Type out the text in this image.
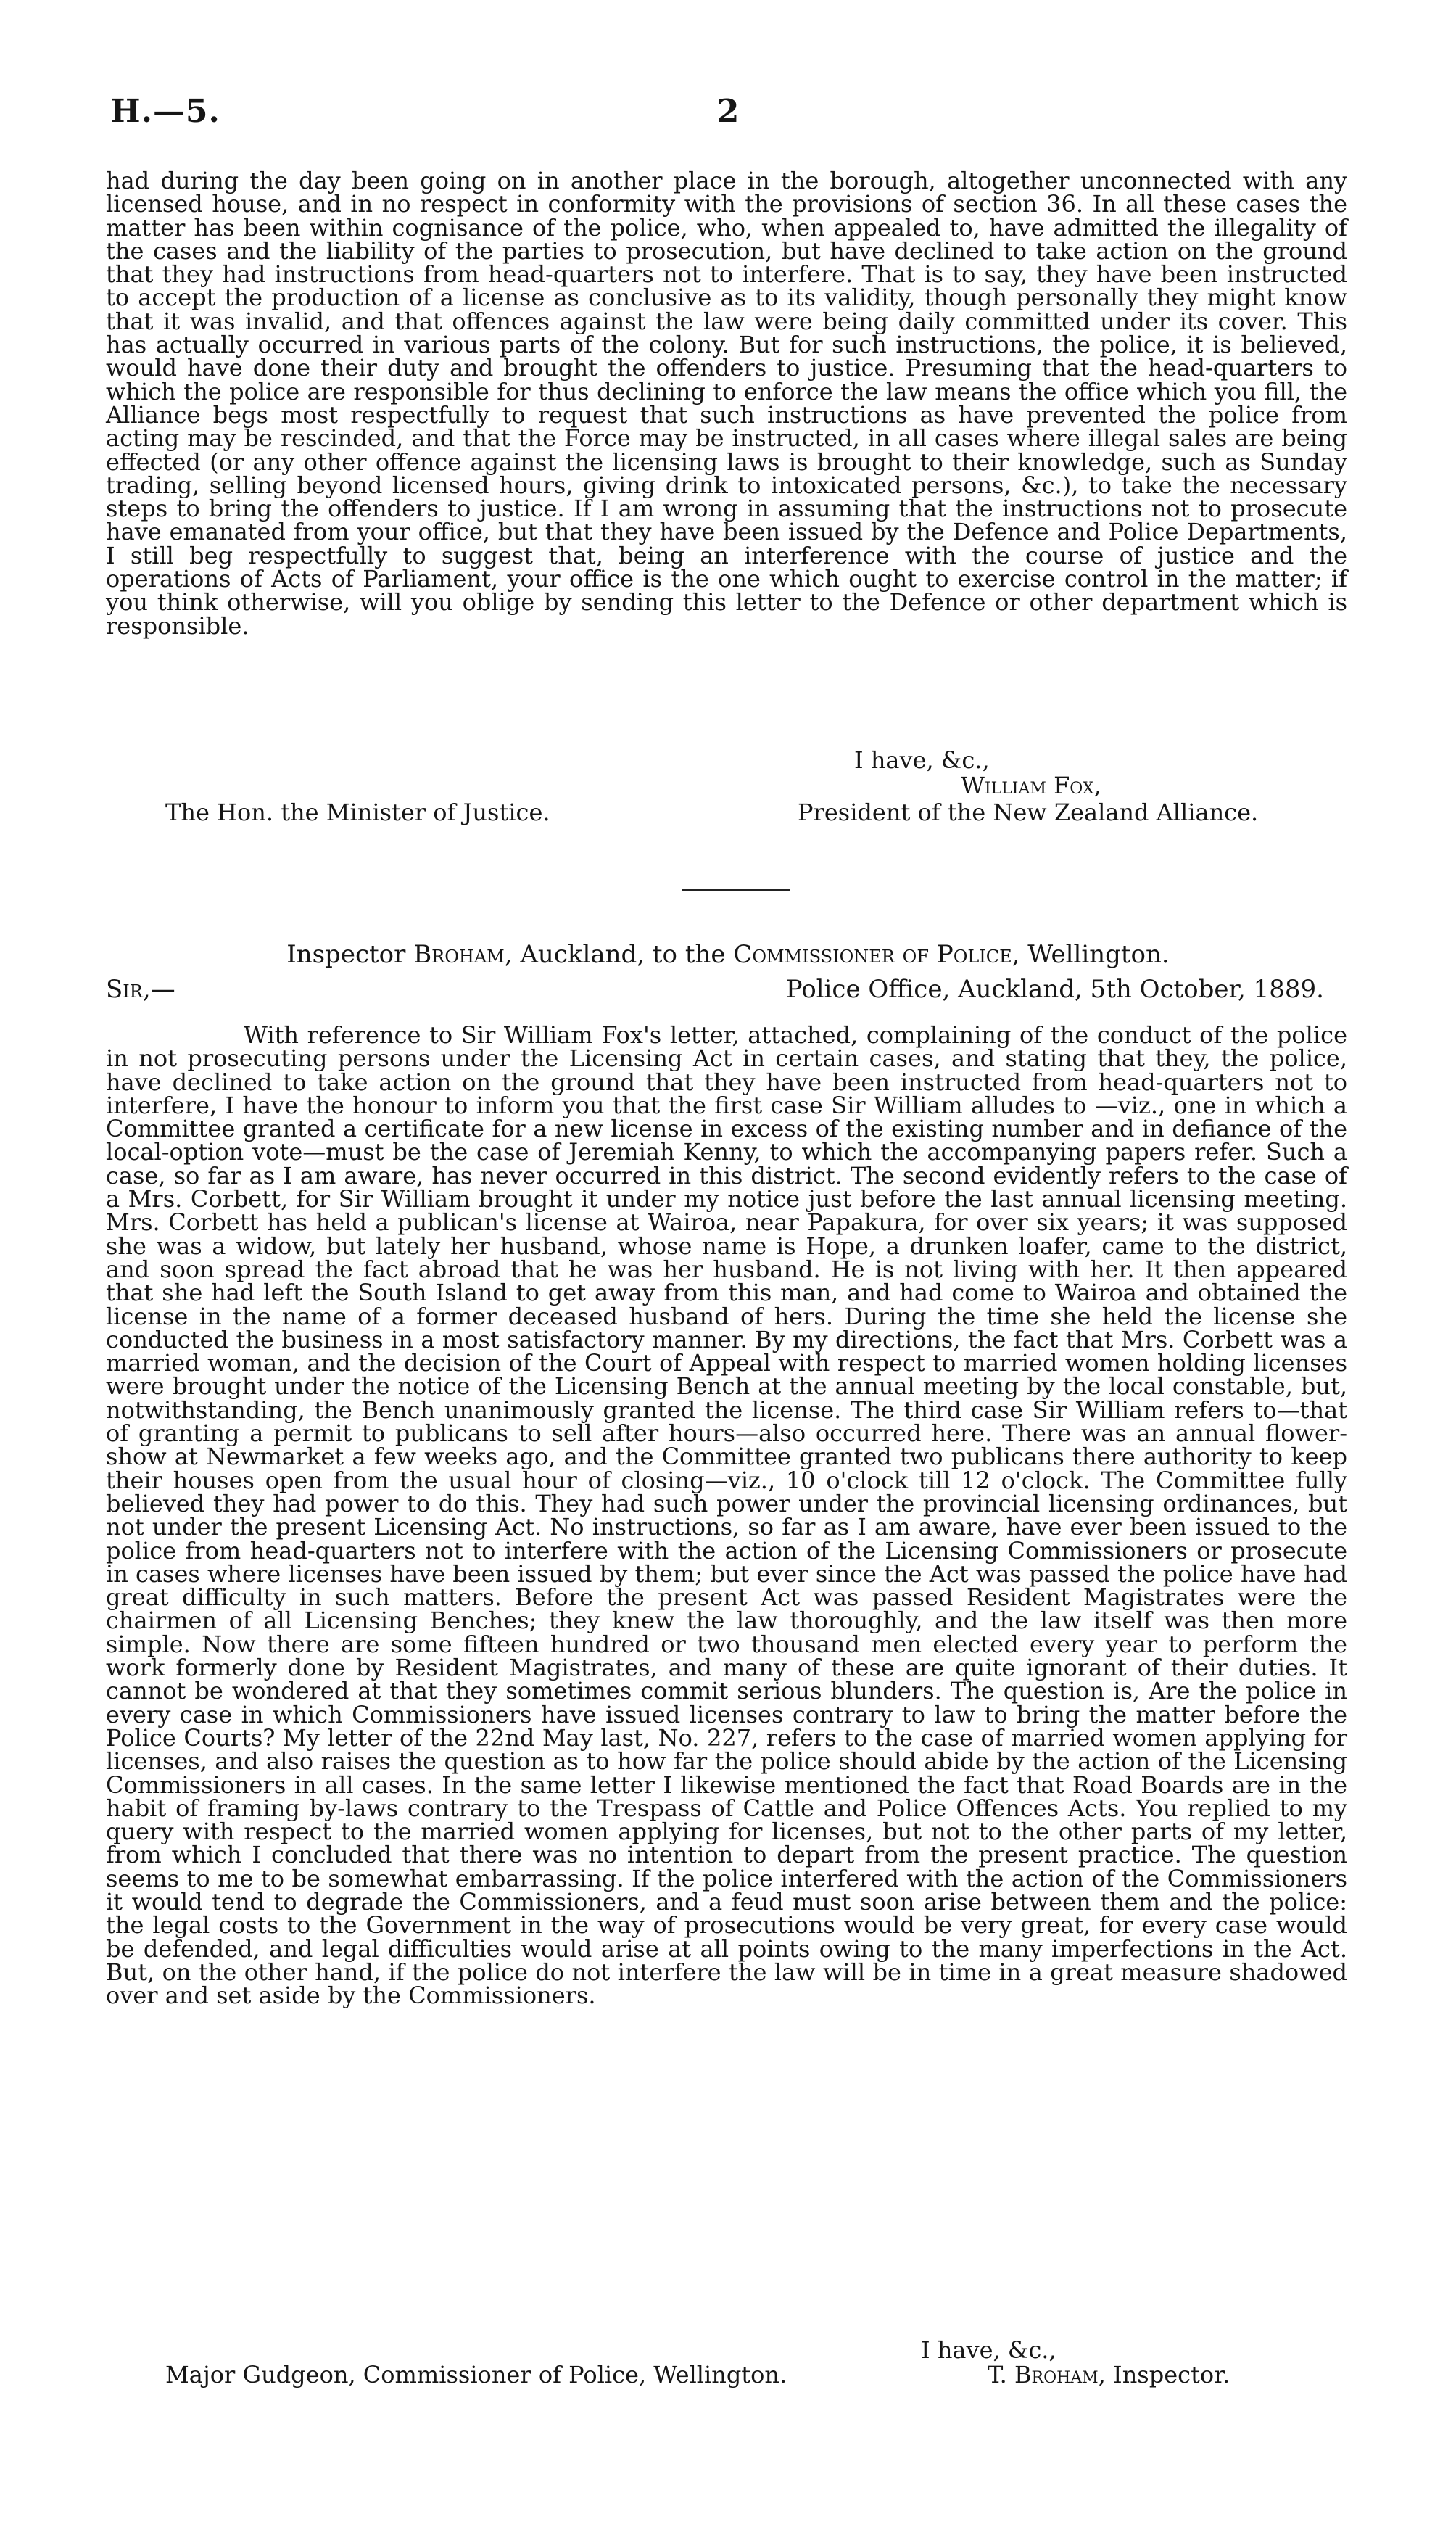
H.—5.	2

had during the day been going on in another place in the borough, altogether unconnected with any licensed house, and in no respect in conformity with the provisions of section 36. In all these cases the matter has been within cognisance of the police, who, when appealed to, have admitted the illegality of the cases and the liability of the parties to prosecution, but have declined to take action on the ground that they had instructions from head-quarters not to interfere. That is to say, they have been instructed to accept the production of a license as conclusive as to its validity, though personally they might know that it was invalid, and that offences against the law were being daily committed under its cover. This has actually occurred in various parts of the colony. But for such instructions, the police, it is believed, would have done their duty and brought the offenders to justice. Presuming that the head-quarters to which the police are responsible for thus declining to enforce the law means the office which you fill, the Alliance begs most respectfully to request that such instructions as have prevented the police from acting may be rescinded, and that the Force may be instructed, in all cases where illegal sales are being effected (or any other offence against the licensing laws is brought to their knowledge, such as Sunday trading, selling beyond licensed hours, giving drink to intoxicated persons, &c.), to take the necessary steps to bring the offenders to justice. If I am wrong in assuming that the instructions not to prosecute have emanated from your office, but that they have been issued by the Defence and Police Departments, I still beg respectfully to suggest that, being an interference with the course of justice and the operations of Acts of Parliament, your office is the one which ought to exercise control in the matter; if you think otherwise, will you oblige by sending this letter to the Defence or other department which is responsible.

I have, &c.,
William Fox,
The Hon. the Minister of Justice.	President of the New Zealand Alliance.
Inspector Broham, Auckland, to the Commissioner of Police, Wellington.
Sir,—	Police Office, Auckland, 5th October, 1889.

With reference to Sir William Fox's letter, attached, complaining of the conduct of the police in not prosecuting persons under the Licensing Act in certain cases, and stating that they, the police, have declined to take action on the ground that they have been instructed from head-quarters not to interfere, I have the honour to inform you that the first case Sir William alludes to —viz., one in which a Committee granted a certificate for a new license in excess of the existing number and in defiance of the local-option vote—must be the case of Jeremiah Kenny, to which the accompanying papers refer. Such a case, so far as I am aware, has never occurred in this district. The second evidently refers to the case of a Mrs. Corbett, for Sir William brought it under my notice just before the last annual licensing meeting. Mrs. Corbett has held a publican's license at Wairoa, near Papakura, for over six years; it was supposed she was a widow, but lately her husband, whose name is Hope, a drunken loafer, came to the district, and soon spread the fact abroad that he was her husband. He is not living with her. It then appeared that she had left the South Island to get away from this man, and had come to Wairoa and obtained the license in the name of a former deceased husband of hers. During the time she held the license she conducted the business in a most satisfactory manner. By my directions, the fact that Mrs. Corbett was a married woman, and the decision of the Court of Appeal with respect to married women holding licenses were brought under the notice of the Licensing Bench at the annual meeting by the local constable, but, notwithstanding, the Bench unanimously granted the license. The third case Sir William refers to—that of granting a permit to publicans to sell after hours—also occurred here. There was an annual flower-show at Newmarket a few weeks ago, and the Committee granted two publicans there authority to keep their houses open from the usual hour of closing—viz., 10 o'clock till 12 o'clock. The Committee fully believed they had power to do this. They had such power under the provincial licensing ordinances, but not under the present Licensing Act. No instructions, so far as I am aware, have ever been issued to the police from head-quarters not to interfere with the action of the Licensing Commissioners or prosecute in cases where licenses have been issued by them; but ever since the Act was passed the police have had great difficulty in such matters. Before the present Act was passed Resident Magistrates were the chairmen of all Licensing Benches; they knew the law thoroughly, and the law itself was then more simple. Now there are some fifteen hundred or two thousand men elected every year to perform the work formerly done by Resident Magistrates, and many of these are quite ignorant of their duties. It cannot be wondered at that they sometimes commit serious blunders. The question is, Are the police in every case in which Commissioners have issued licenses contrary to law to bring the matter before the Police Courts? My letter of the 22nd May last, No. 227, refers to the case of married women applying for licenses, and also raises the question as to how far the police should abide by the action of the Licensing Commissioners in all cases. In the same letter I likewise mentioned the fact that Road Boards are in the habit of framing by-laws contrary to the Trespass of Cattle and Police Offences Acts. You replied to my query with respect to the married women applying for licenses, but not to the other parts of my letter, from which I concluded that there was no intention to depart from the present practice. The question seems to me to be somewhat embarrassing. If the police interfered with the action of the Commissioners it would tend to degrade the Commissioners, and a feud must soon arise between them and the police: the legal costs to the Government in the way of prosecutions would be very great, for every case would be defended, and legal difficulties would arise at all points owing to the many imperfections in the Act. But, on the other hand, if the police do not interfere the law will be in time in a great measure shadowed over and set aside by the Commissioners.

I have, &c.,
Major Gudgeon, Commissioner of Police, Wellington.	T. Broham, Inspector.
